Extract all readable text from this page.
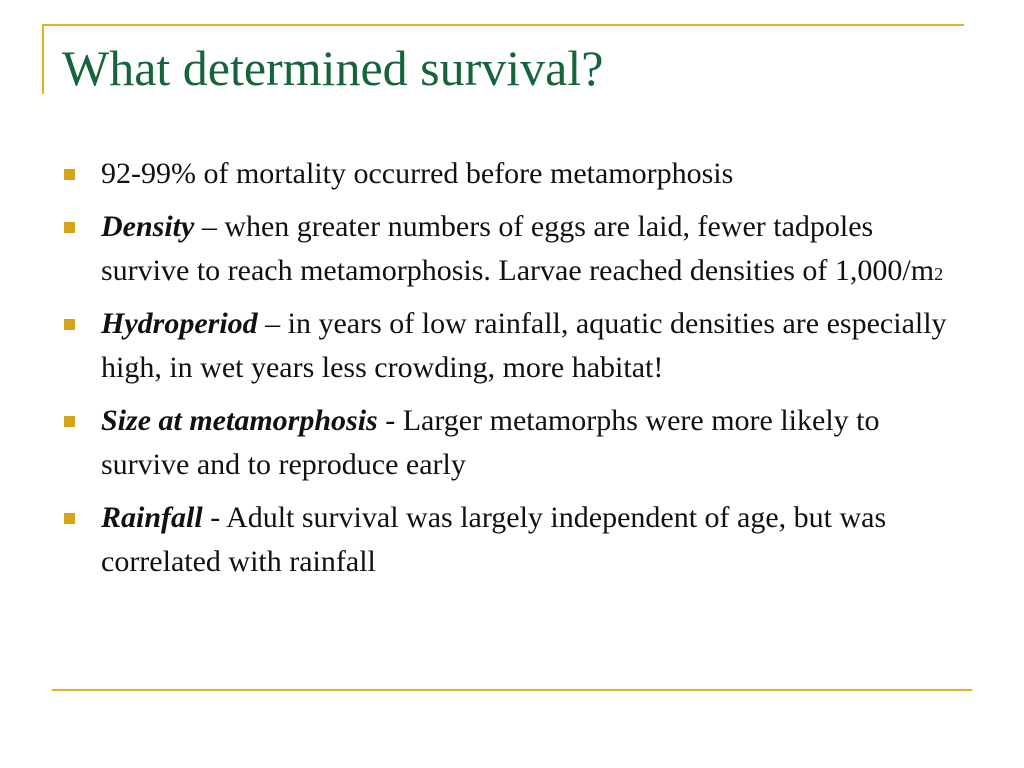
What determined survival?
92-99% of mortality occurred before metamorphosis
Density – when greater numbers of eggs are laid, fewer tadpoles survive to reach metamorphosis. Larvae reached densities of $1,000/m^2$
Hydroperiod – in years of low rainfall, aquatic densities are especially high, in wet years less crowding, more habitat!
Size at metamorphosis - Larger metamorphs were more likely to survive and to reproduce early
Rainfall - Adult survival was largely independent of age, but was correlated with rainfall
